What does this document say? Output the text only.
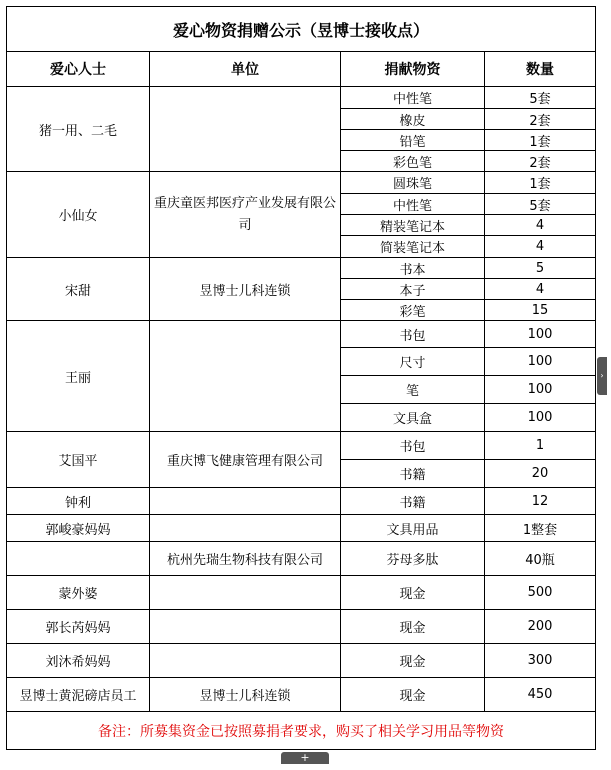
爱心物资捐赠公示（昱博士接收点）			
爱心人士	单位	捐献物资	数量
猪一用、二毛		中性笔	5套
		橡皮	2套
		铅笔	1套
		彩色笔	2套
小仙女	重庆童医邦医疗产业发展有限公司	圆珠笔	1套
		中性笔	5套
		精装笔记本	4
		简装笔记本	4
宋甜	昱博士儿科连锁	书本	5
		本子	4
		彩笔	15
王丽		书包	100
		尺寸	100
		笔	100
		文具盒	100
艾国平	重庆博飞健康管理有限公司	书包	1
		书籍	20
钟利		书籍	12
郭峻豪妈妈		文具用品	1整套
	杭州先瑞生物科技有限公司	芬母多肽	40瓶
蒙外婆		现金	500
郭长芮妈妈		现金	200
刘沐希妈妈		现金	300
昱博士黄泥磅店员工	昱博士儿科连锁	现金	450
备注：所募集资金已按照募捐者要求，购买了相关学习用品等物资			
›
+
